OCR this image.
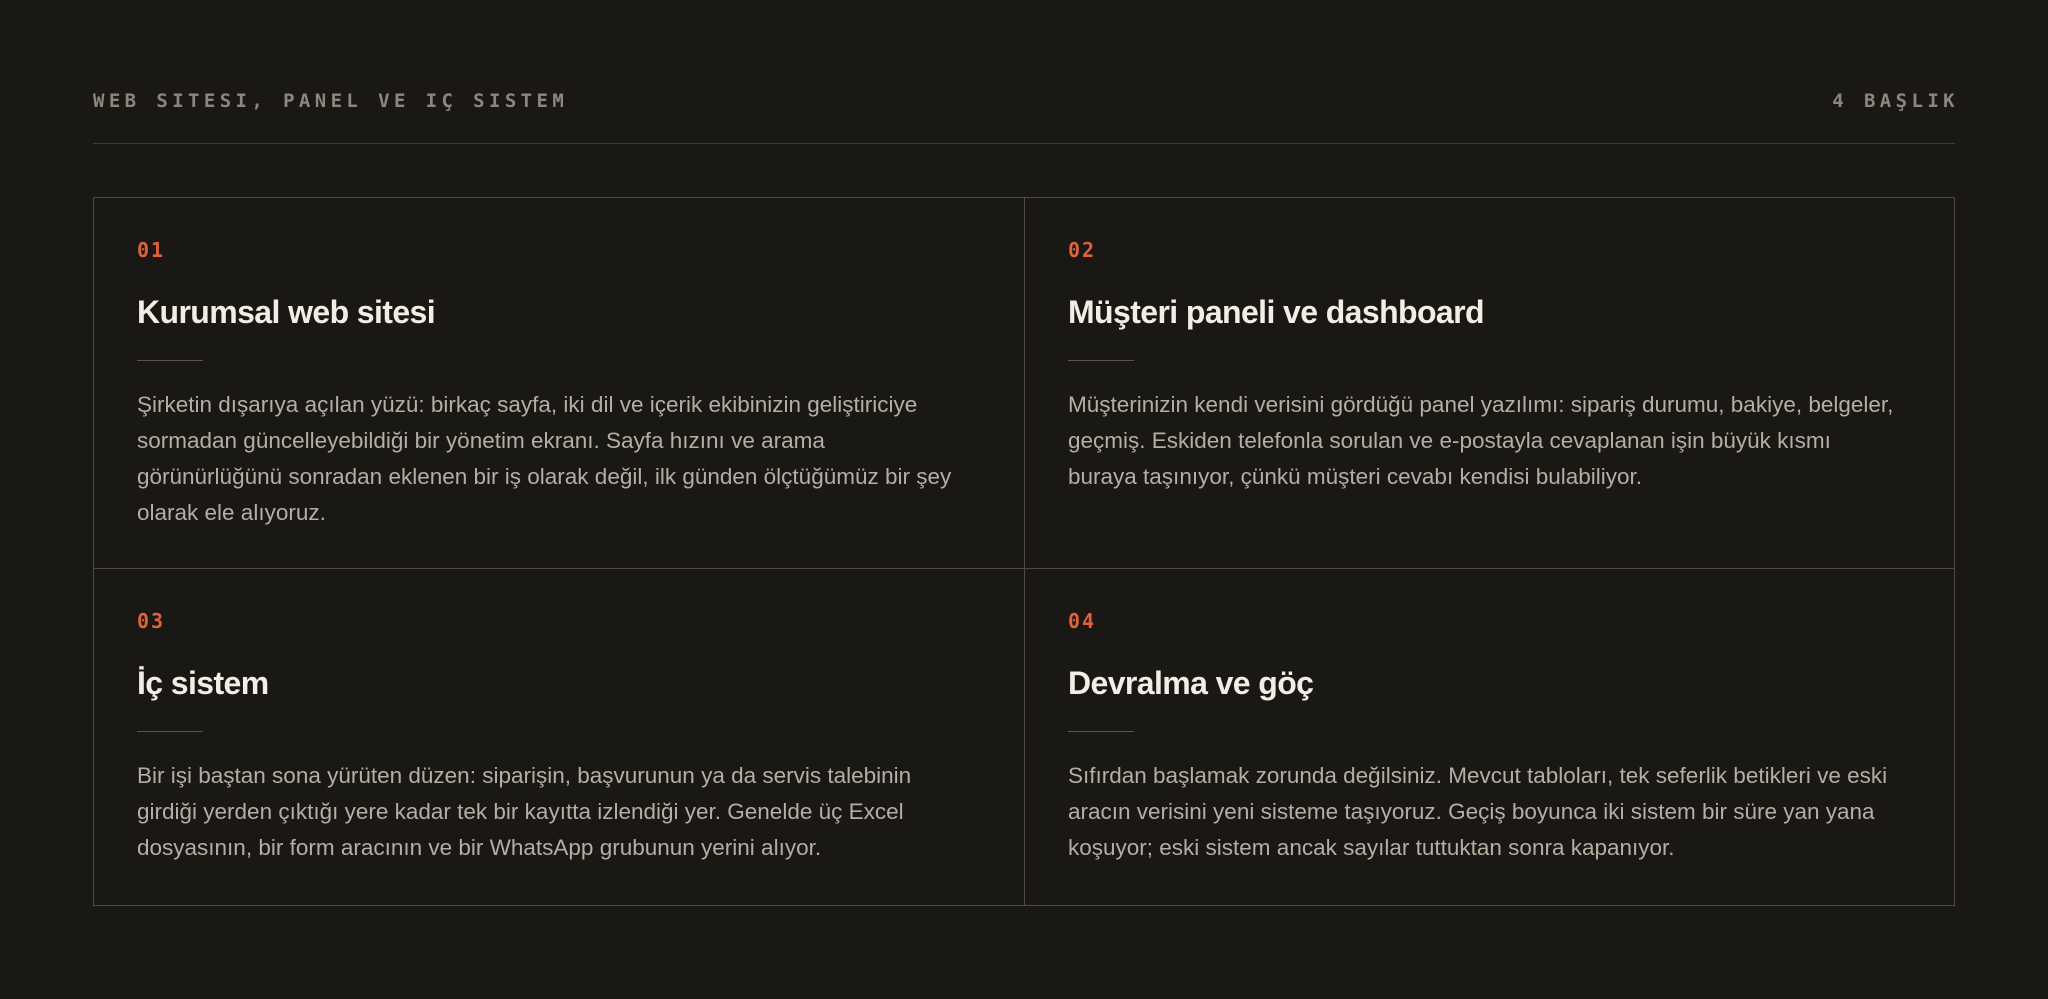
WEB SITESI, PANEL VE IÇ SISTEM	4 BAŞLIK
01
Kurumsal web sitesi
Şirketin dışarıya açılan yüzü: birkaç sayfa, iki dil ve içerik ekibinizin geliştiriciye sormadan güncelleyebildiği bir yönetim ekranı. Sayfa hızını ve arama görünürlüğünü sonradan eklenen bir iş olarak değil, ilk günden ölçtüğümüz bir şey olarak ele alıyoruz.
02
Müşteri paneli ve dashboard
Müşterinizin kendi verisini gördüğü panel yazılımı: sipariş durumu, bakiye, belgeler, geçmiş. Eskiden telefonla sorulan ve e-postayla cevaplanan işin büyük kısmı buraya taşınıyor, çünkü müşteri cevabı kendisi bulabiliyor.
03
İç sistem
Bir işi baştan sona yürüten düzen: siparişin, başvurunun ya da servis talebinin girdiği yerden çıktığı yere kadar tek bir kayıtta izlendiği yer. Genelde üç Excel dosyasının, bir form aracının ve bir WhatsApp grubunun yerini alıyor.
04
Devralma ve göç
Sıfırdan başlamak zorunda değilsiniz. Mevcut tabloları, tek seferlik betikleri ve eski aracın verisini yeni sisteme taşıyoruz. Geçiş boyunca iki sistem bir süre yan yana koşuyor; eski sistem ancak sayılar tuttuktan sonra kapanıyor.
